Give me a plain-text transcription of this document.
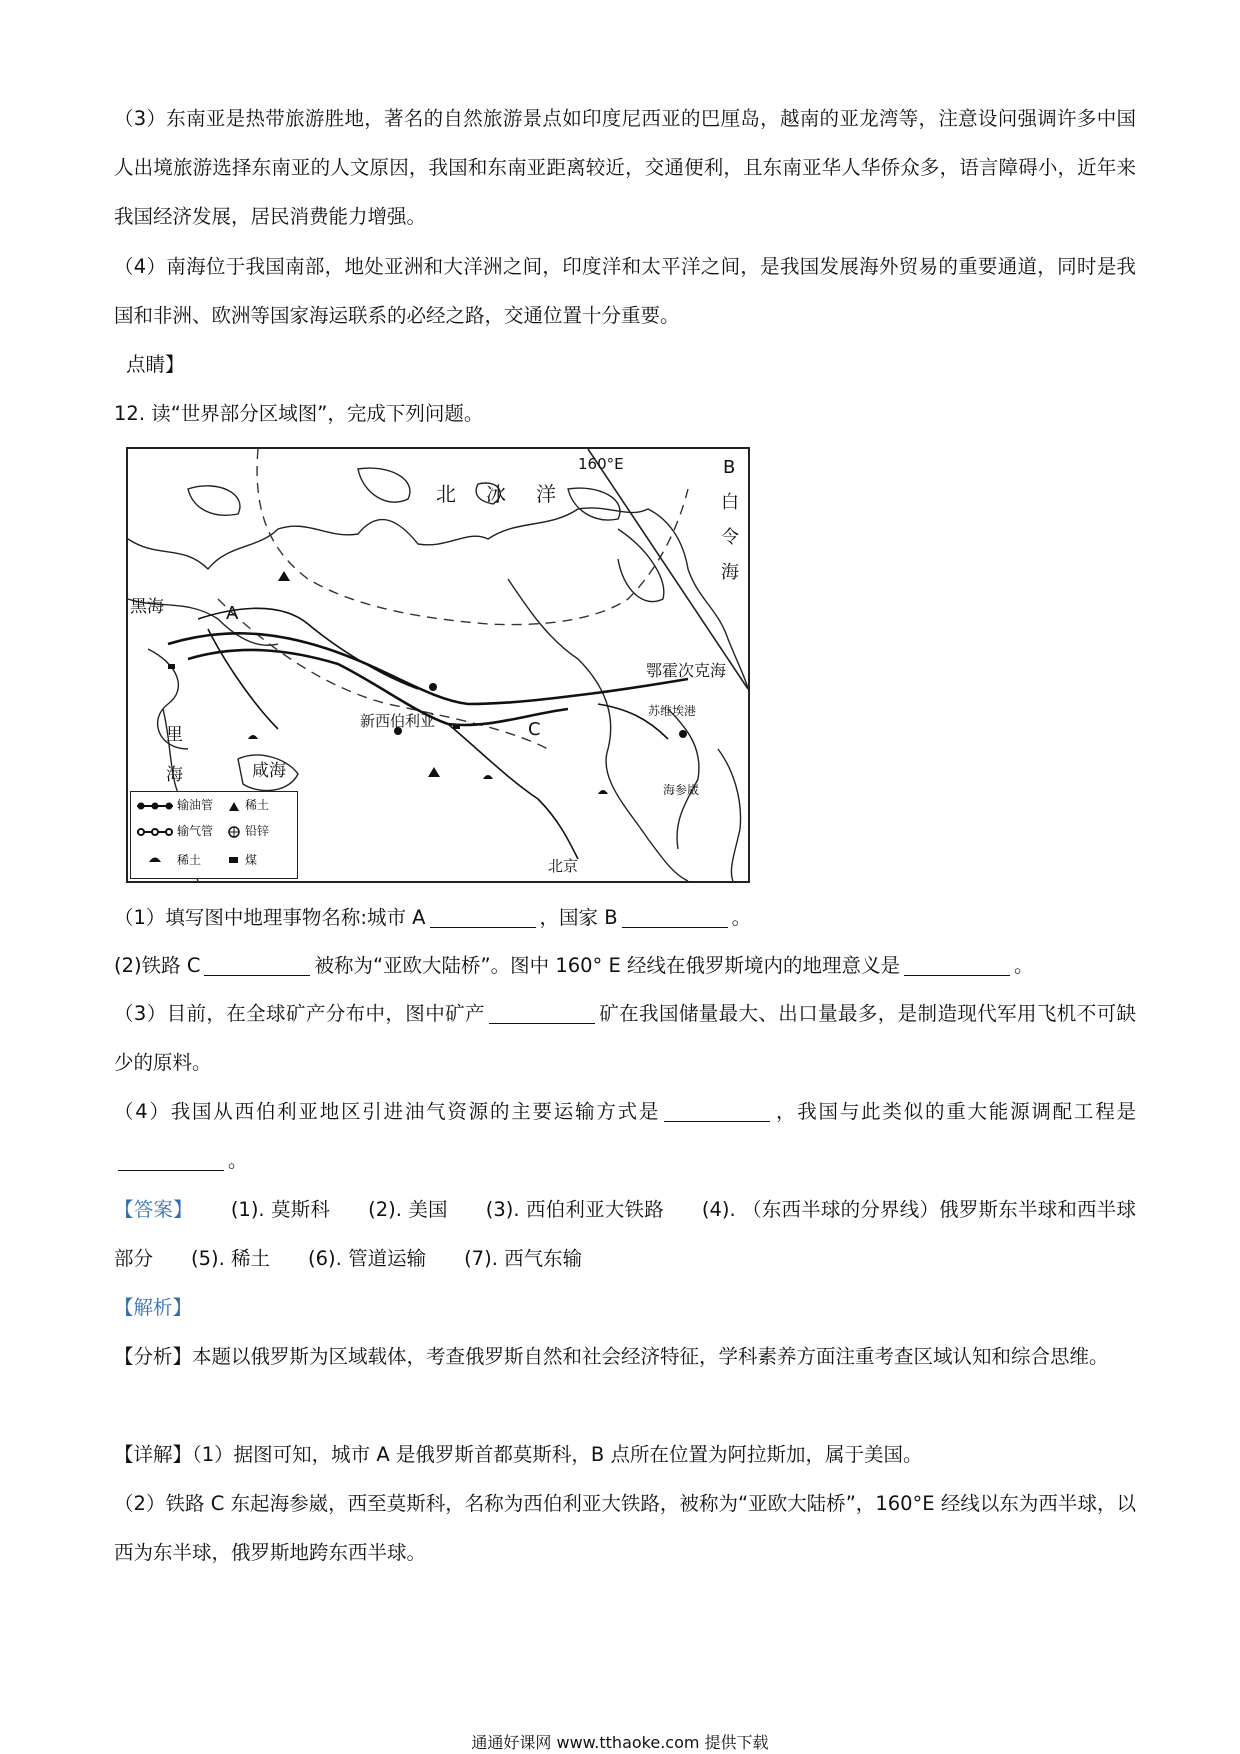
（3）东南亚是热带旅游胜地，著名的自然旅游景点如印度尼西亚的巴厘岛，越南的亚龙湾等，注意设问强调许多中国人出境旅游选择东南亚的人文原因，我国和东南亚距离较近，交通便利，且东南亚华人华侨众多，语言障碍小，近年来我国经济发展，居民消费能力增强。

（4）南海位于我国南部，地处亚洲和大洋洲之间，印度洋和太平洋之间，是我国发展海外贸易的重要通道，同时是我国和非洲、欧洲等国家海运联系的必经之路，交通位置十分重要。

点睛】

12. 读“世界部分区域图”，完成下列问题。

160°E
北冰洋
B
白
令
海
黑海	A
C
鄂霍次克海
苏维埃港
新西伯利亚
海参崴
北京
里
海	咸海
输油管
输气管
稀土
稀土
铅锌
煤

（1）填写图中地理事物名称:城市 A	，国家 B	。

(2)铁路 C	被称为“亚欧大陆桥”。图中 160° E 经线在俄罗斯境内的地理意义是	。

（3）目前，在全球矿产分布中，图中矿产	矿在我国储量最大、出口量最多，是制造现代军用飞机不可缺少的原料。

（4）我国从西伯利亚地区引进油气资源的主要运输方式是	，我国与此类似的重大能源调配工程是。

【答案】 (1). 莫斯科 (2). 美国 (3). 西伯利亚大铁路 (4). （东西半球的分界线）俄罗斯东半球和西半球部分 (5). 稀土 (6). 管道运输 (7). 西气东输

【解析】

【分析】本题以俄罗斯为区域载体，考查俄罗斯自然和社会经济特征，学科素养方面注重考查区域认知和综合思维。

【详解】（1）据图可知，城市 A 是俄罗斯首都莫斯科，B 点所在位置为阿拉斯加，属于美国。

（2）铁路 C 东起海参崴，西至莫斯科，名称为西伯利亚大铁路，被称为“亚欧大陆桥”，160°E 经线以东为西半球，以西为东半球，俄罗斯地跨东西半球。

通通好课网 www.tthaoke.com 提供下载
